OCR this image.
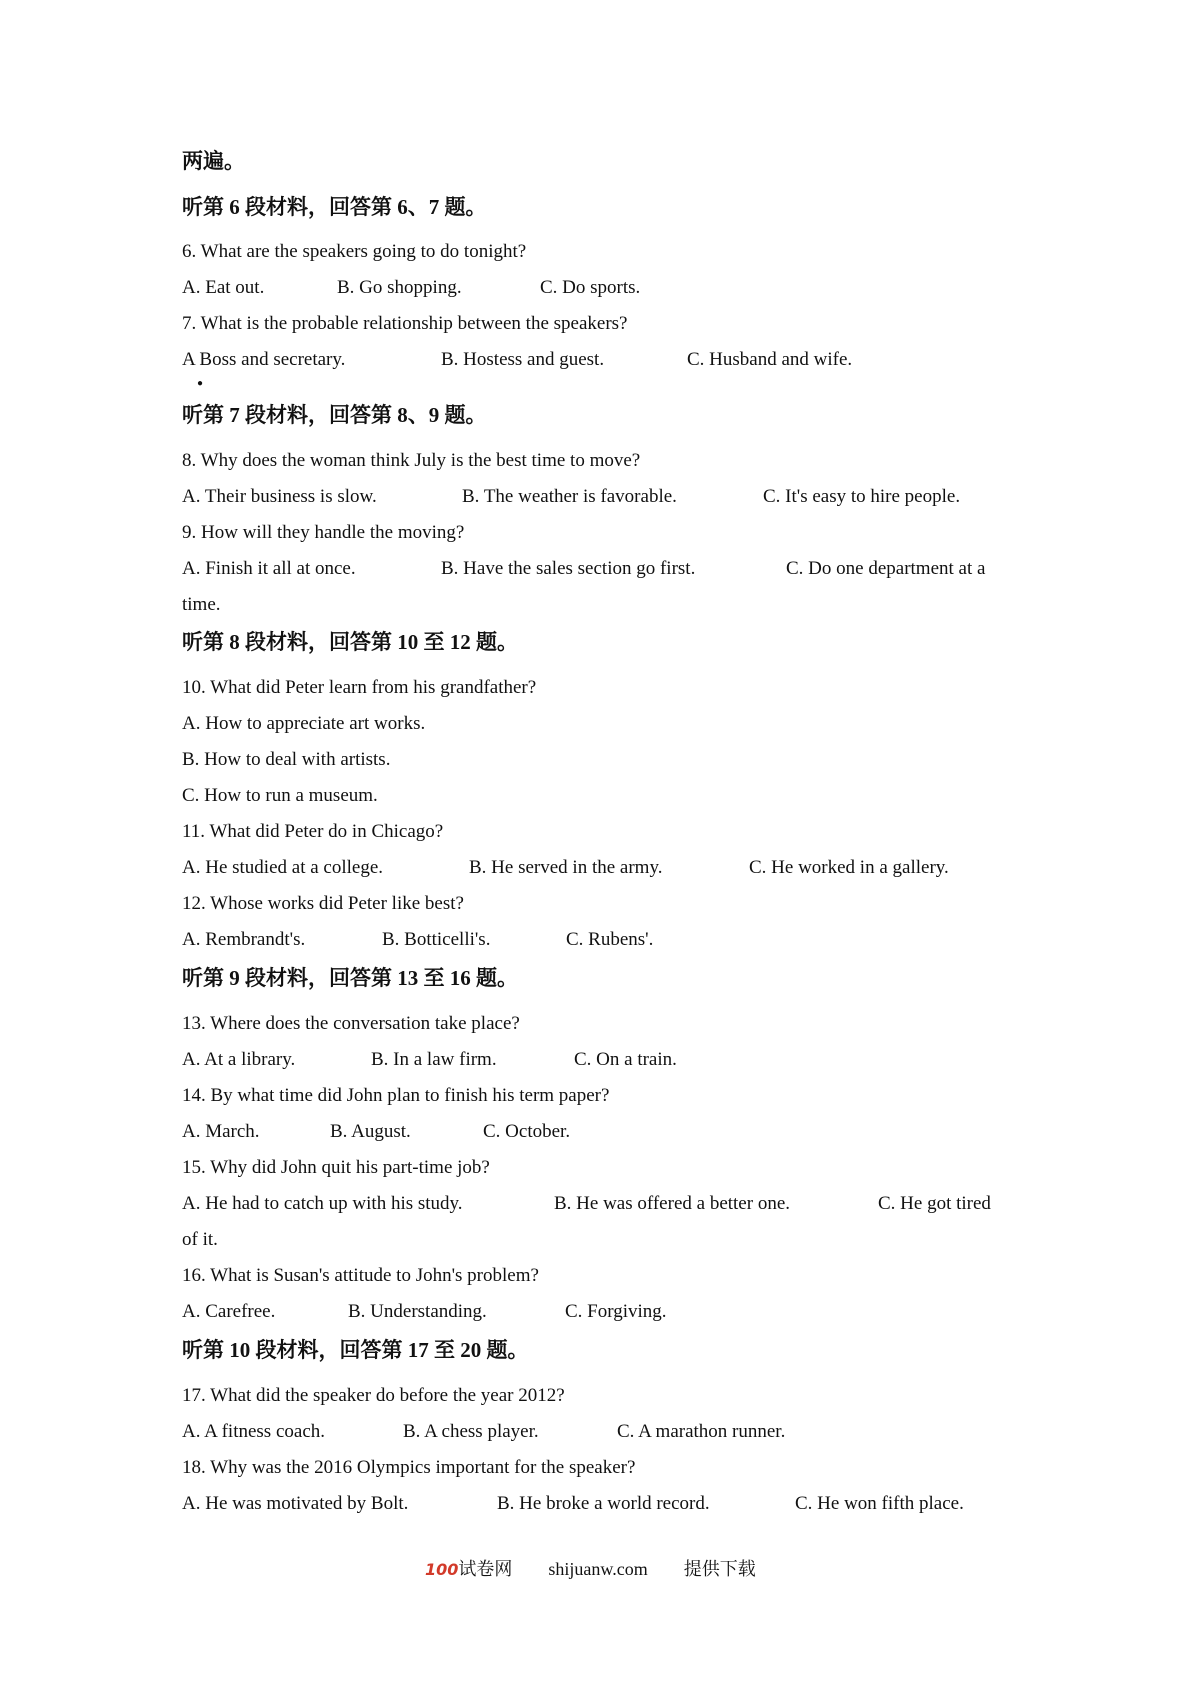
两遍。
听第 6 段材料，回答第 6、7 题。
6. What are the speakers going to do tonight?
A. Eat out.	B. Go shopping.	C. Do sports.
7. What is the probable relationship between the speakers?
A Boss and secretary.	B. Hostess and guest.	C. Husband and wife.
●
听第 7 段材料，回答第 8、9 题。
8. Why does the woman think July is the best time to move?
A. Their business is slow.	B. The weather is favorable.	C. It's easy to hire people.
9. How will they handle the moving?
A. Finish it all at once.	B. Have the sales section go first.	C. Do one department at a
time.
听第 8 段材料，回答第 10 至 12 题。
10. What did Peter learn from his grandfather?
A. How to appreciate art works.
B. How to deal with artists.
C. How to run a museum.
11. What did Peter do in Chicago?
A. He studied at a college.	B. He served in the army.	C. He worked in a gallery.
12. Whose works did Peter like best?
A. Rembrandt's.	B. Botticelli's.	C. Rubens'.
听第 9 段材料，回答第 13 至 16 题。
13. Where does the conversation take place?
A. At a library.	B. In a law firm.	C. On a train.
14. By what time did John plan to finish his term paper?
A. March.	B. August.	C. October.
15. Why did John quit his part-time job?
A. He had to catch up with his study.	B. He was offered a better one.	C. He got tired
of it.
16. What is Susan's attitude to John's problem?
A. Carefree.	B. Understanding.	C. Forgiving.
听第 10 段材料，回答第 17 至 20 题。
17. What did the speaker do before the year 2012?
A. A fitness coach.	B. A chess player.	C. A marathon runner.
18. Why was the 2016 Olympics important for the speaker?
A. He was motivated by Bolt.	B. He broke a world record.	C. He won fifth place.
100试卷网 shijuanw.com 提供下载
